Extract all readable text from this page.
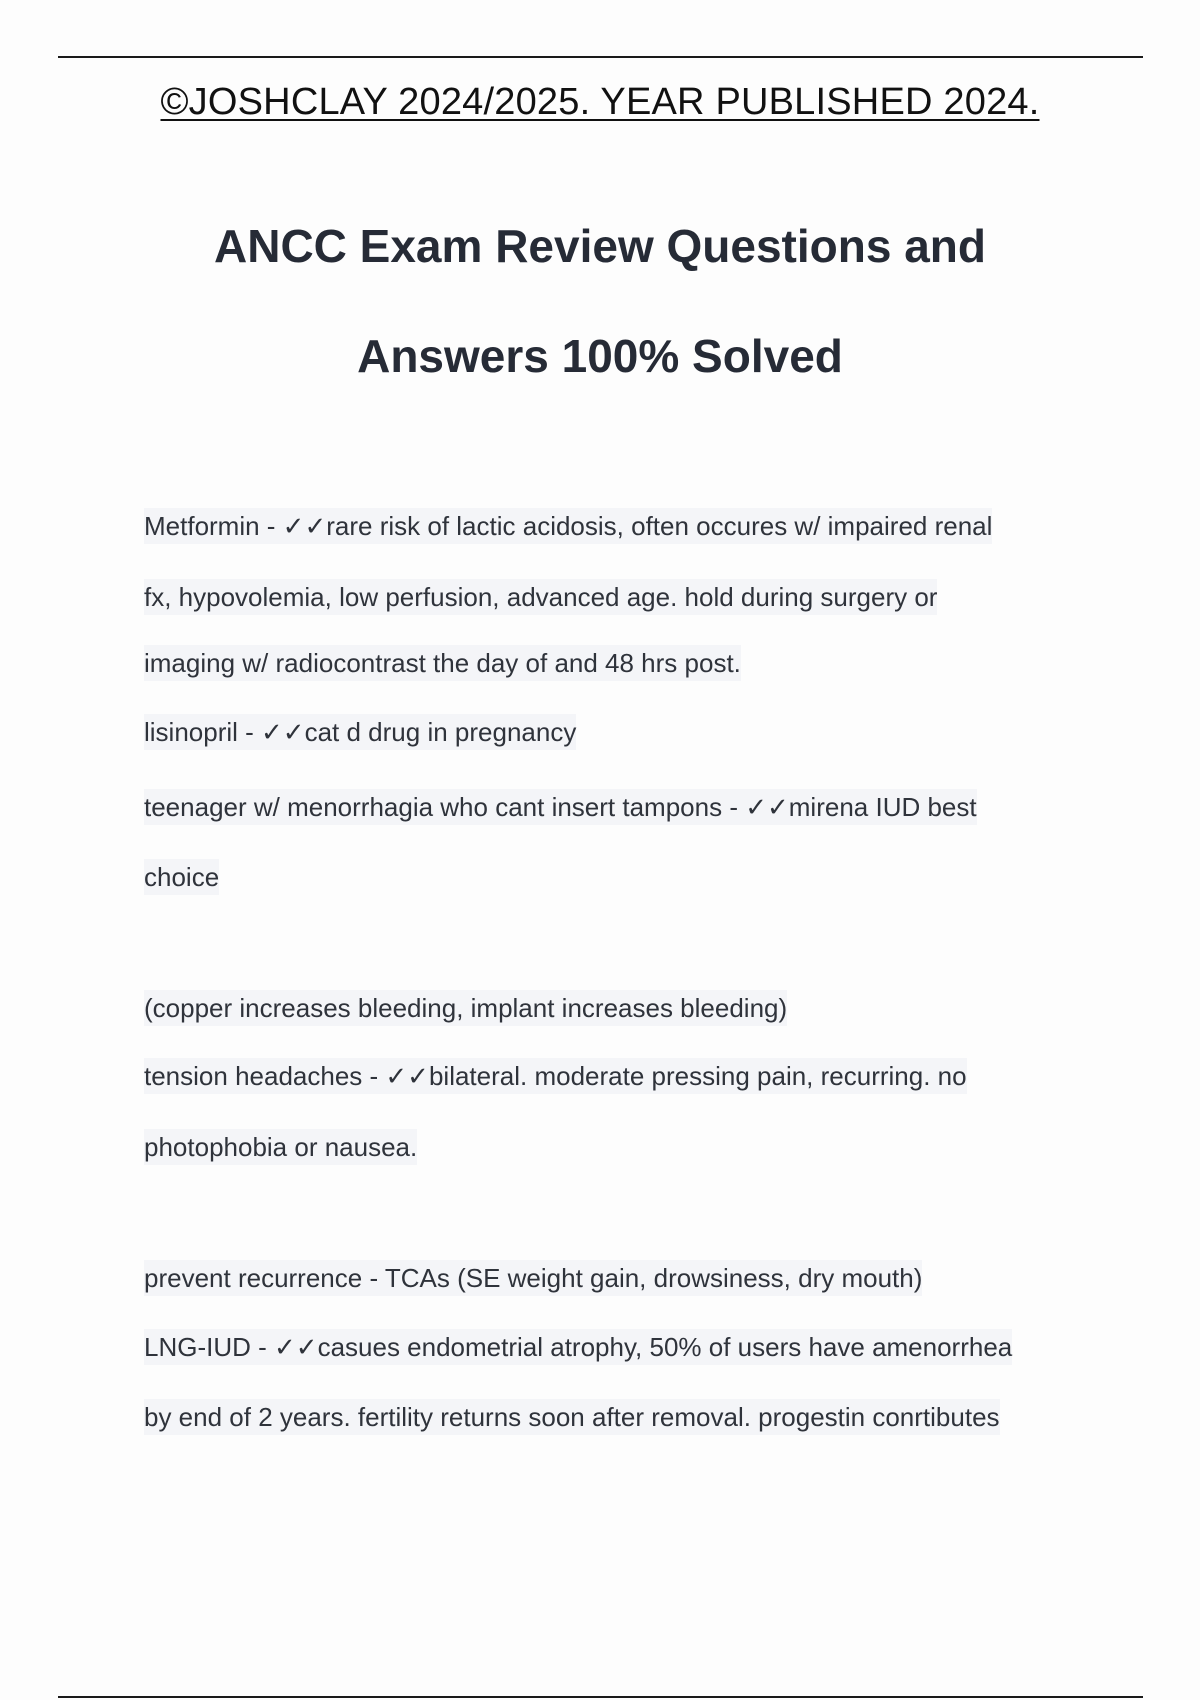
©JOSHCLAY 2024/2025. YEAR PUBLISHED 2024.
ANCC Exam Review Questions and
Answers 100% Solved
Metformin - ✓✓rare risk of lactic acidosis, often occures w/ impaired renal
fx, hypovolemia, low perfusion, advanced age. hold during surgery or
imaging w/ radiocontrast the day of and 48 hrs post.
lisinopril - ✓✓cat d drug in pregnancy
teenager w/ menorrhagia who cant insert tampons - ✓✓mirena IUD best
choice
(copper increases bleeding, implant increases bleeding)
tension headaches - ✓✓bilateral. moderate pressing pain, recurring. no
photophobia or nausea.
prevent recurrence - TCAs (SE weight gain, drowsiness, dry mouth)
LNG-IUD - ✓✓casues endometrial atrophy, 50% of users have amenorrhea
by end of 2 years. fertility returns soon after removal. progestin conrtibutes
